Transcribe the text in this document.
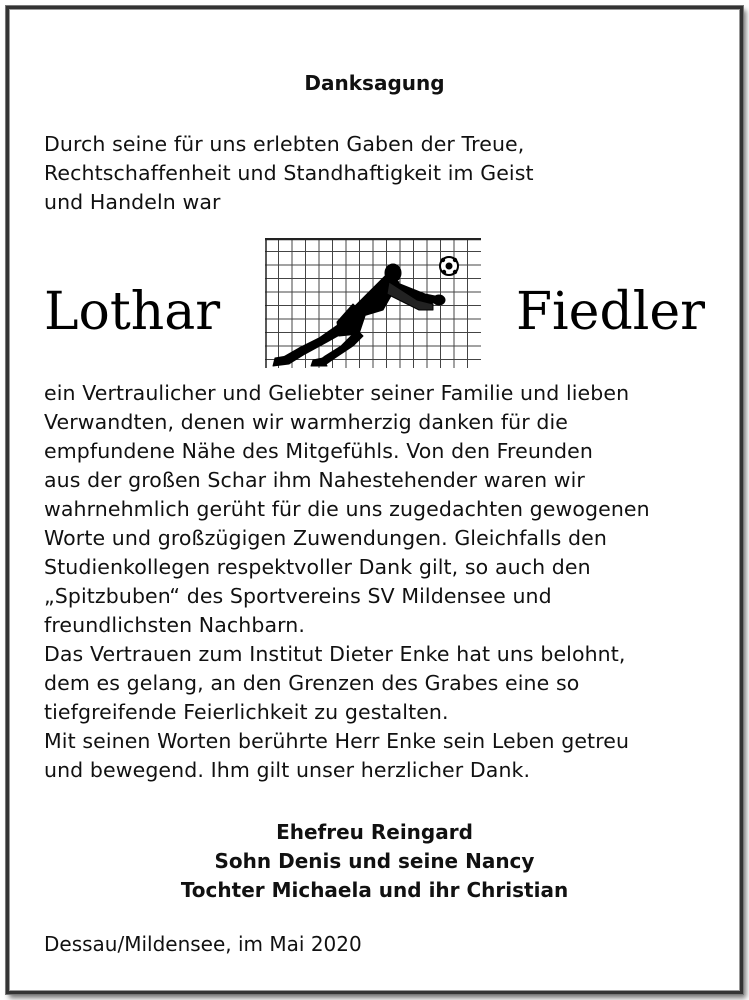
Danksagung

Durch seine für uns erlebten Gaben der Treue,
Rechtschaffenheit und Standhaftigkeit im Geist
und Handeln war

Lothar	Fiedler

ein Vertraulicher und Geliebter seiner Familie und lieben
Verwandten, denen wir warmherzig danken für die
empfundene Nähe des Mitgefühls. Von den Freunden
aus der großen Schar ihm Nahestehender waren wir
wahrnehmlich gerüht für die uns zugedachten gewogenen
Worte und großzügigen Zuwendungen. Gleichfalls den
Studienkollegen respektvoller Dank gilt, so auch den
„Spitzbuben“ des Sportvereins SV Mildensee und
freundlichsten Nachbarn.
Das Vertrauen zum Institut Dieter Enke hat uns belohnt,
dem es gelang, an den Grenzen des Grabes eine so
tiefgreifende Feierlichkeit zu gestalten.
Mit seinen Worten berührte Herr Enke sein Leben getreu
und bewegend. Ihm gilt unser herzlicher Dank.

Ehefreu Reingard
Sohn Denis und seine Nancy
Tochter Michaela und ihr Christian
Dessau/Mildensee, im Mai 2020
